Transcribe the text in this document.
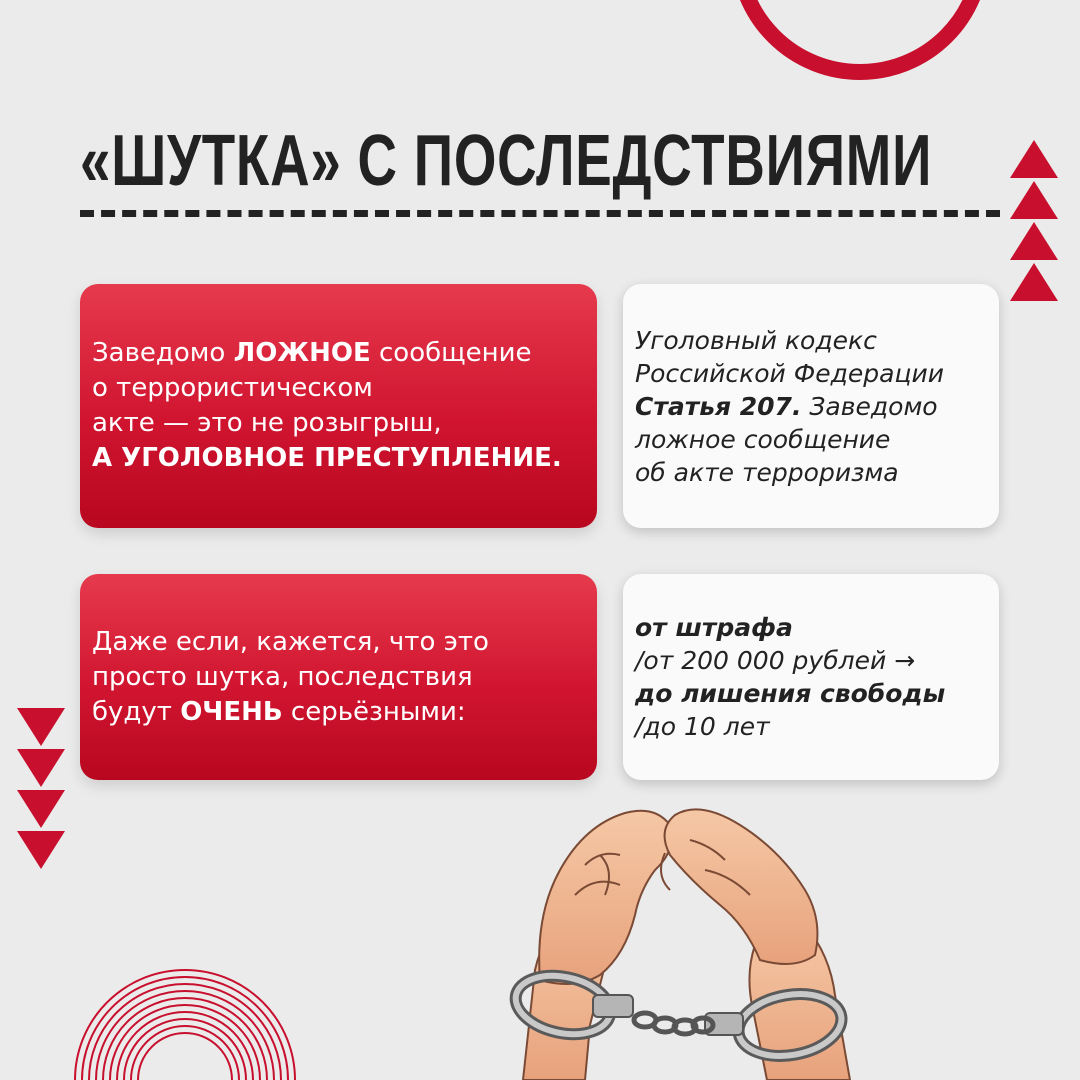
«ШУТКА» С ПОСЛЕДСТВИЯМИ
Заведомо ЛОЖНОЕ сообщение
о террористическом
акте — это не розыгрыш,
А УГОЛОВНОЕ ПРЕСТУПЛЕНИЕ.
Уголовный кодекс
Российской Федерации
Статья 207. Заведомо
ложное сообщение
об акте терроризма
Даже если, кажется, что это
просто шутка, последствия
будут ОЧЕНЬ серьёзными:
от штрафа
/от 200 000 рублей →
до лишения свободы
/до 10 лет
